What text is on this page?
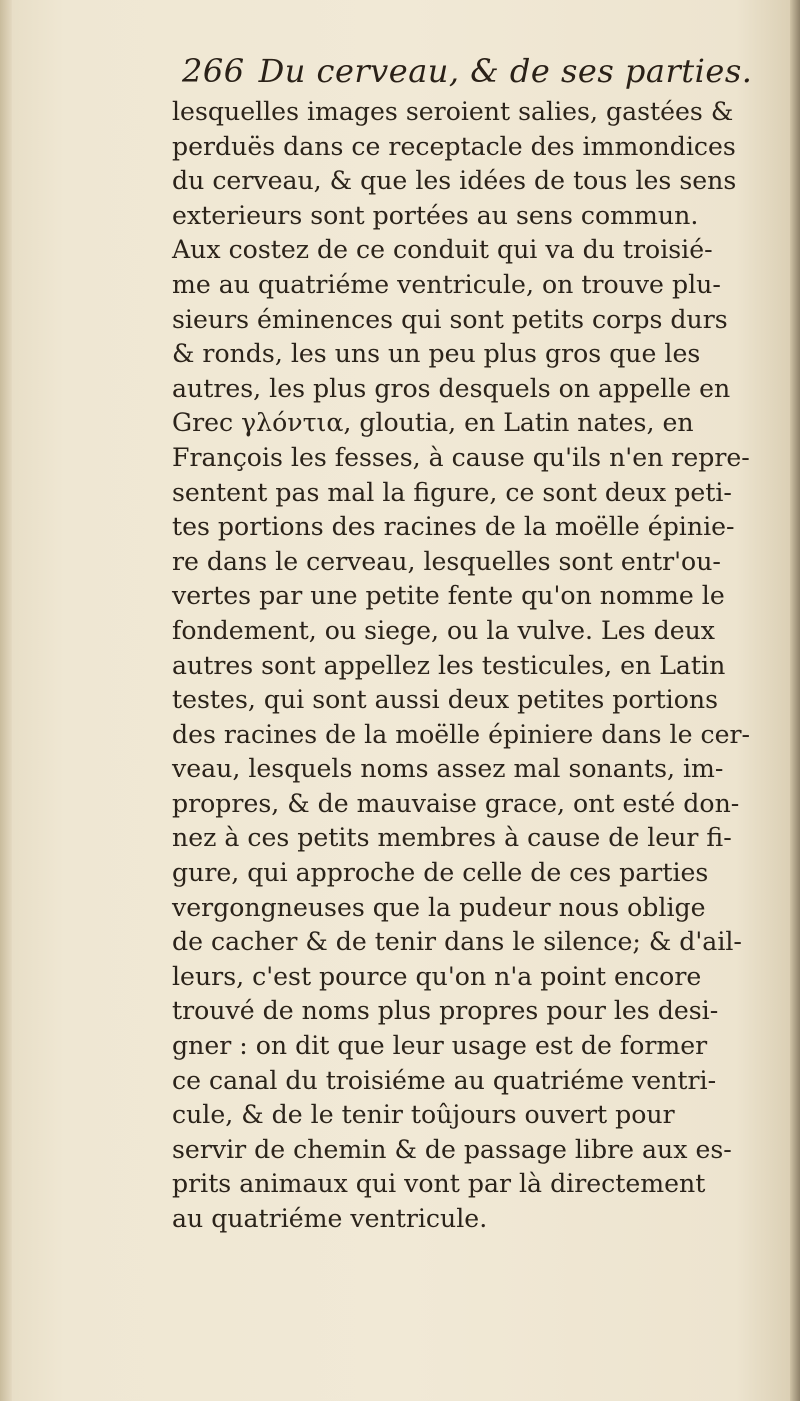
266 Du cerveau, & de ses parties.
lesquelles images seroient salies, gastées &
perduës dans ce receptacle des immondices
du cerveau, & que les idées de tous les sens
exterieurs sont portées au sens commun.
Aux costez de ce conduit qui va du troisié-
me au quatriéme ventricule, on trouve plu-
sieurs éminences qui sont petits corps durs
& ronds, les uns un peu plus gros que les
autres, les plus gros desquels on appelle en
Grec γλόντια, gloutia, en Latin nates, en
François les fesses, à cause qu'ils n'en repre-
sentent pas mal la figure, ce sont deux peti-
tes portions des racines de la moëlle épinie-
re dans le cerveau, lesquelles sont entr'ou-
vertes par une petite fente qu'on nomme le
fondement, ou siege, ou la vulve. Les deux
autres sont appellez les testicules, en Latin
testes, qui sont aussi deux petites portions
des racines de la moëlle épiniere dans le cer-
veau, lesquels noms assez mal sonants, im-
propres, & de mauvaise grace, ont esté don-
nez à ces petits membres à cause de leur fi-
gure, qui approche de celle de ces parties
vergongneuses que la pudeur nous oblige
de cacher & de tenir dans le silence; & d'ail-
leurs, c'est pource qu'on n'a point encore
trouvé de noms plus propres pour les desi-
gner : on dit que leur usage est de former
ce canal du troisiéme au quatriéme ventri-
cule, & de le tenir toûjours ouvert pour
servir de chemin & de passage libre aux es-
prits animaux qui vont par là directement
au quatriéme ventricule.
